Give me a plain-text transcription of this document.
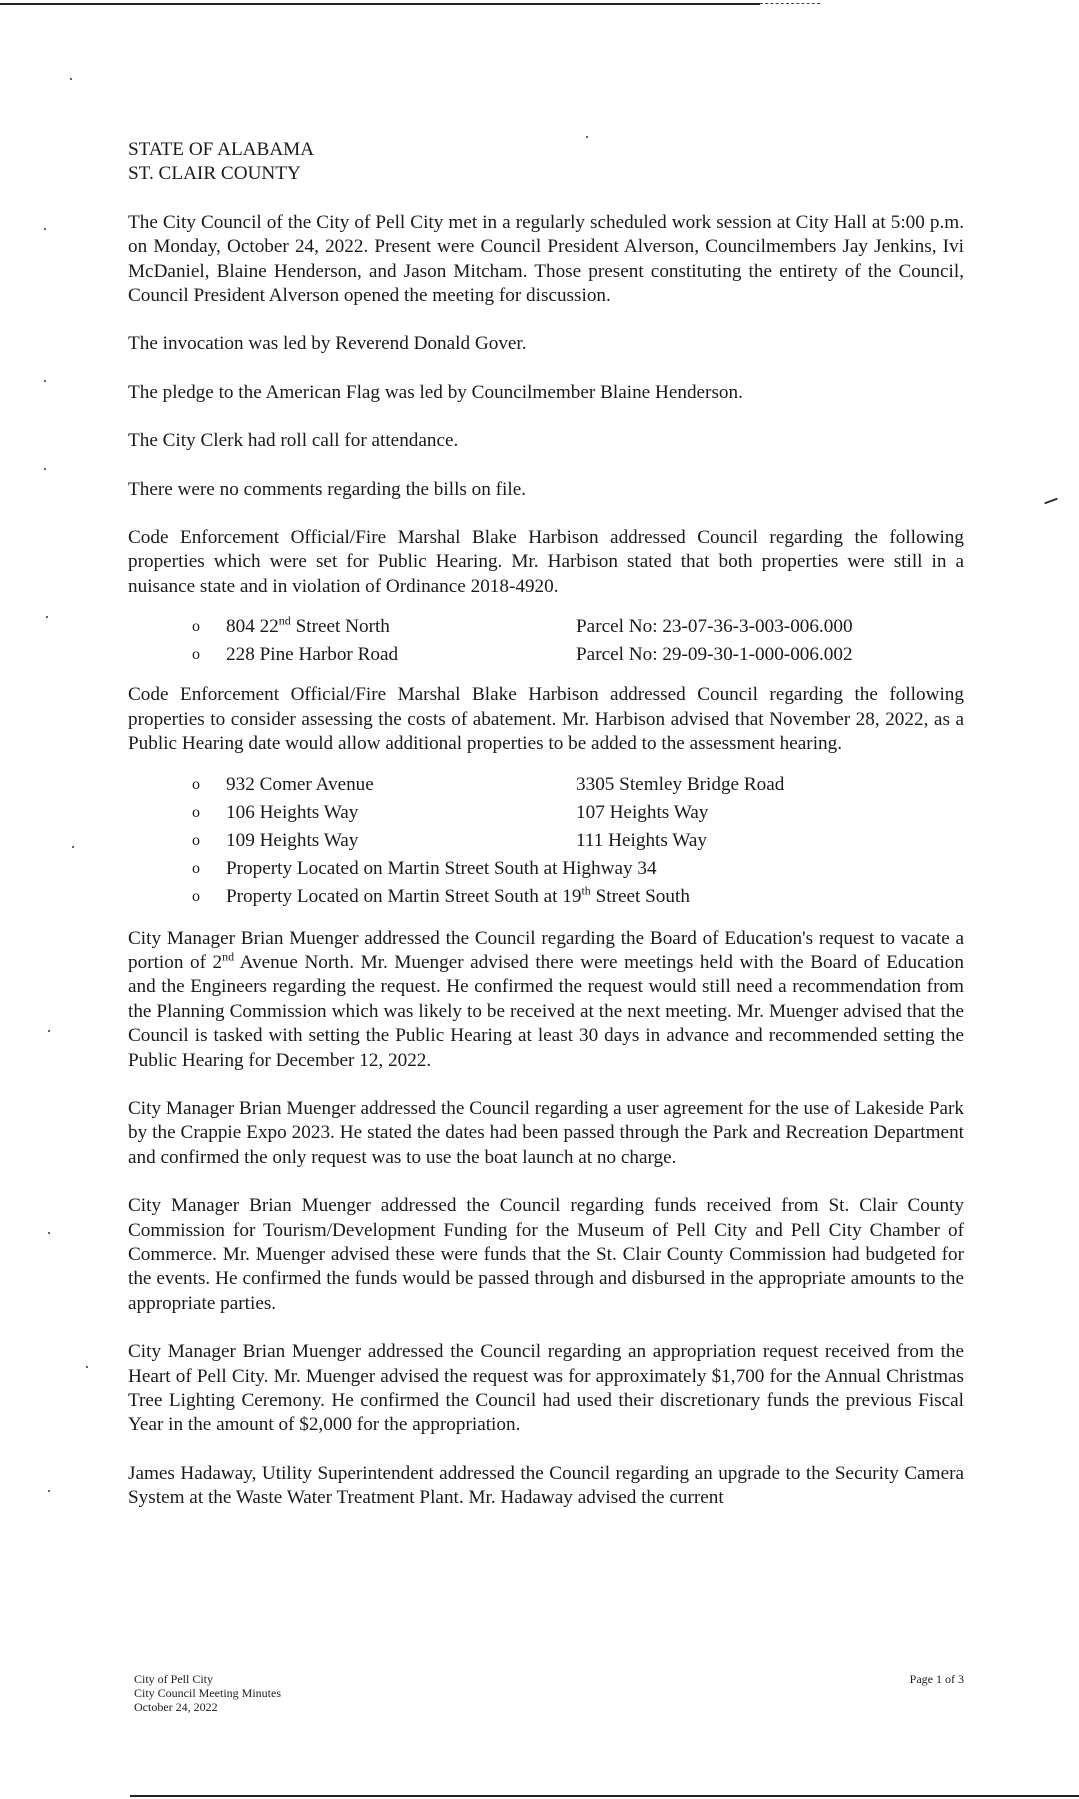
STATE OF ALABAMA

ST. CLAIR COUNTY

The City Council of the City of Pell City met in a regularly scheduled work session at City Hall at 5:00 p.m. on Monday, October 24, 2022. Present were Council President Alverson, Councilmembers Jay Jenkins, Ivi McDaniel, Blaine Henderson, and Jason Mitcham. Those present constituting the entirety of the Council, Council President Alverson opened the meeting for discussion.

The invocation was led by Reverend Donald Gover.

The pledge to the American Flag was led by Councilmember Blaine Henderson.

The City Clerk had roll call for attendance.

There were no comments regarding the bills on file.

Code Enforcement Official/Fire Marshal Blake Harbison addressed Council regarding the following properties which were set for Public Hearing. Mr. Harbison stated that both properties were still in a nuisance state and in violation of Ordinance 2018-4920.

o 804 22nd Street North	Parcel No: 23-07-36-3-003-006.000
o 228 Pine Harbor Road	Parcel No: 29-09-30-1-000-006.002

Code Enforcement Official/Fire Marshal Blake Harbison addressed Council regarding the following properties to consider assessing the costs of abatement. Mr. Harbison advised that November 28, 2022, as a Public Hearing date would allow additional properties to be added to the assessment hearing.

o 932 Comer Avenue	3305 Stemley Bridge Road
o 106 Heights Way	107 Heights Way
o 109 Heights Way	111 Heights Way
o Property Located on Martin Street South at Highway 34
o Property Located on Martin Street South at 19th Street South

City Manager Brian Muenger addressed the Council regarding the Board of Education's request to vacate a portion of 2nd Avenue North. Mr. Muenger advised there were meetings held with the Board of Education and the Engineers regarding the request. He confirmed the request would still need a recommendation from the Planning Commission which was likely to be received at the next meeting. Mr. Muenger advised that the Council is tasked with setting the Public Hearing at least 30 days in advance and recommended setting the Public Hearing for December 12, 2022.

City Manager Brian Muenger addressed the Council regarding a user agreement for the use of Lakeside Park by the Crappie Expo 2023. He stated the dates had been passed through the Park and Recreation Department and confirmed the only request was to use the boat launch at no charge.

City Manager Brian Muenger addressed the Council regarding funds received from St. Clair County Commission for Tourism/Development Funding for the Museum of Pell City and Pell City Chamber of Commerce. Mr. Muenger advised these were funds that the St. Clair County Commission had budgeted for the events. He confirmed the funds would be passed through and disbursed in the appropriate amounts to the appropriate parties.

City Manager Brian Muenger addressed the Council regarding an appropriation request received from the Heart of Pell City. Mr. Muenger advised the request was for approximately $1,700 for the Annual Christmas Tree Lighting Ceremony. He confirmed the Council had used their discretionary funds the previous Fiscal Year in the amount of $2,000 for the appropriation.

James Hadaway, Utility Superintendent addressed the Council regarding an upgrade to the Security Camera System at the Waste Water Treatment Plant. Mr. Hadaway advised the current

City of Pell City
City Council Meeting Minutes
October 24, 2022
Page 1 of 3
